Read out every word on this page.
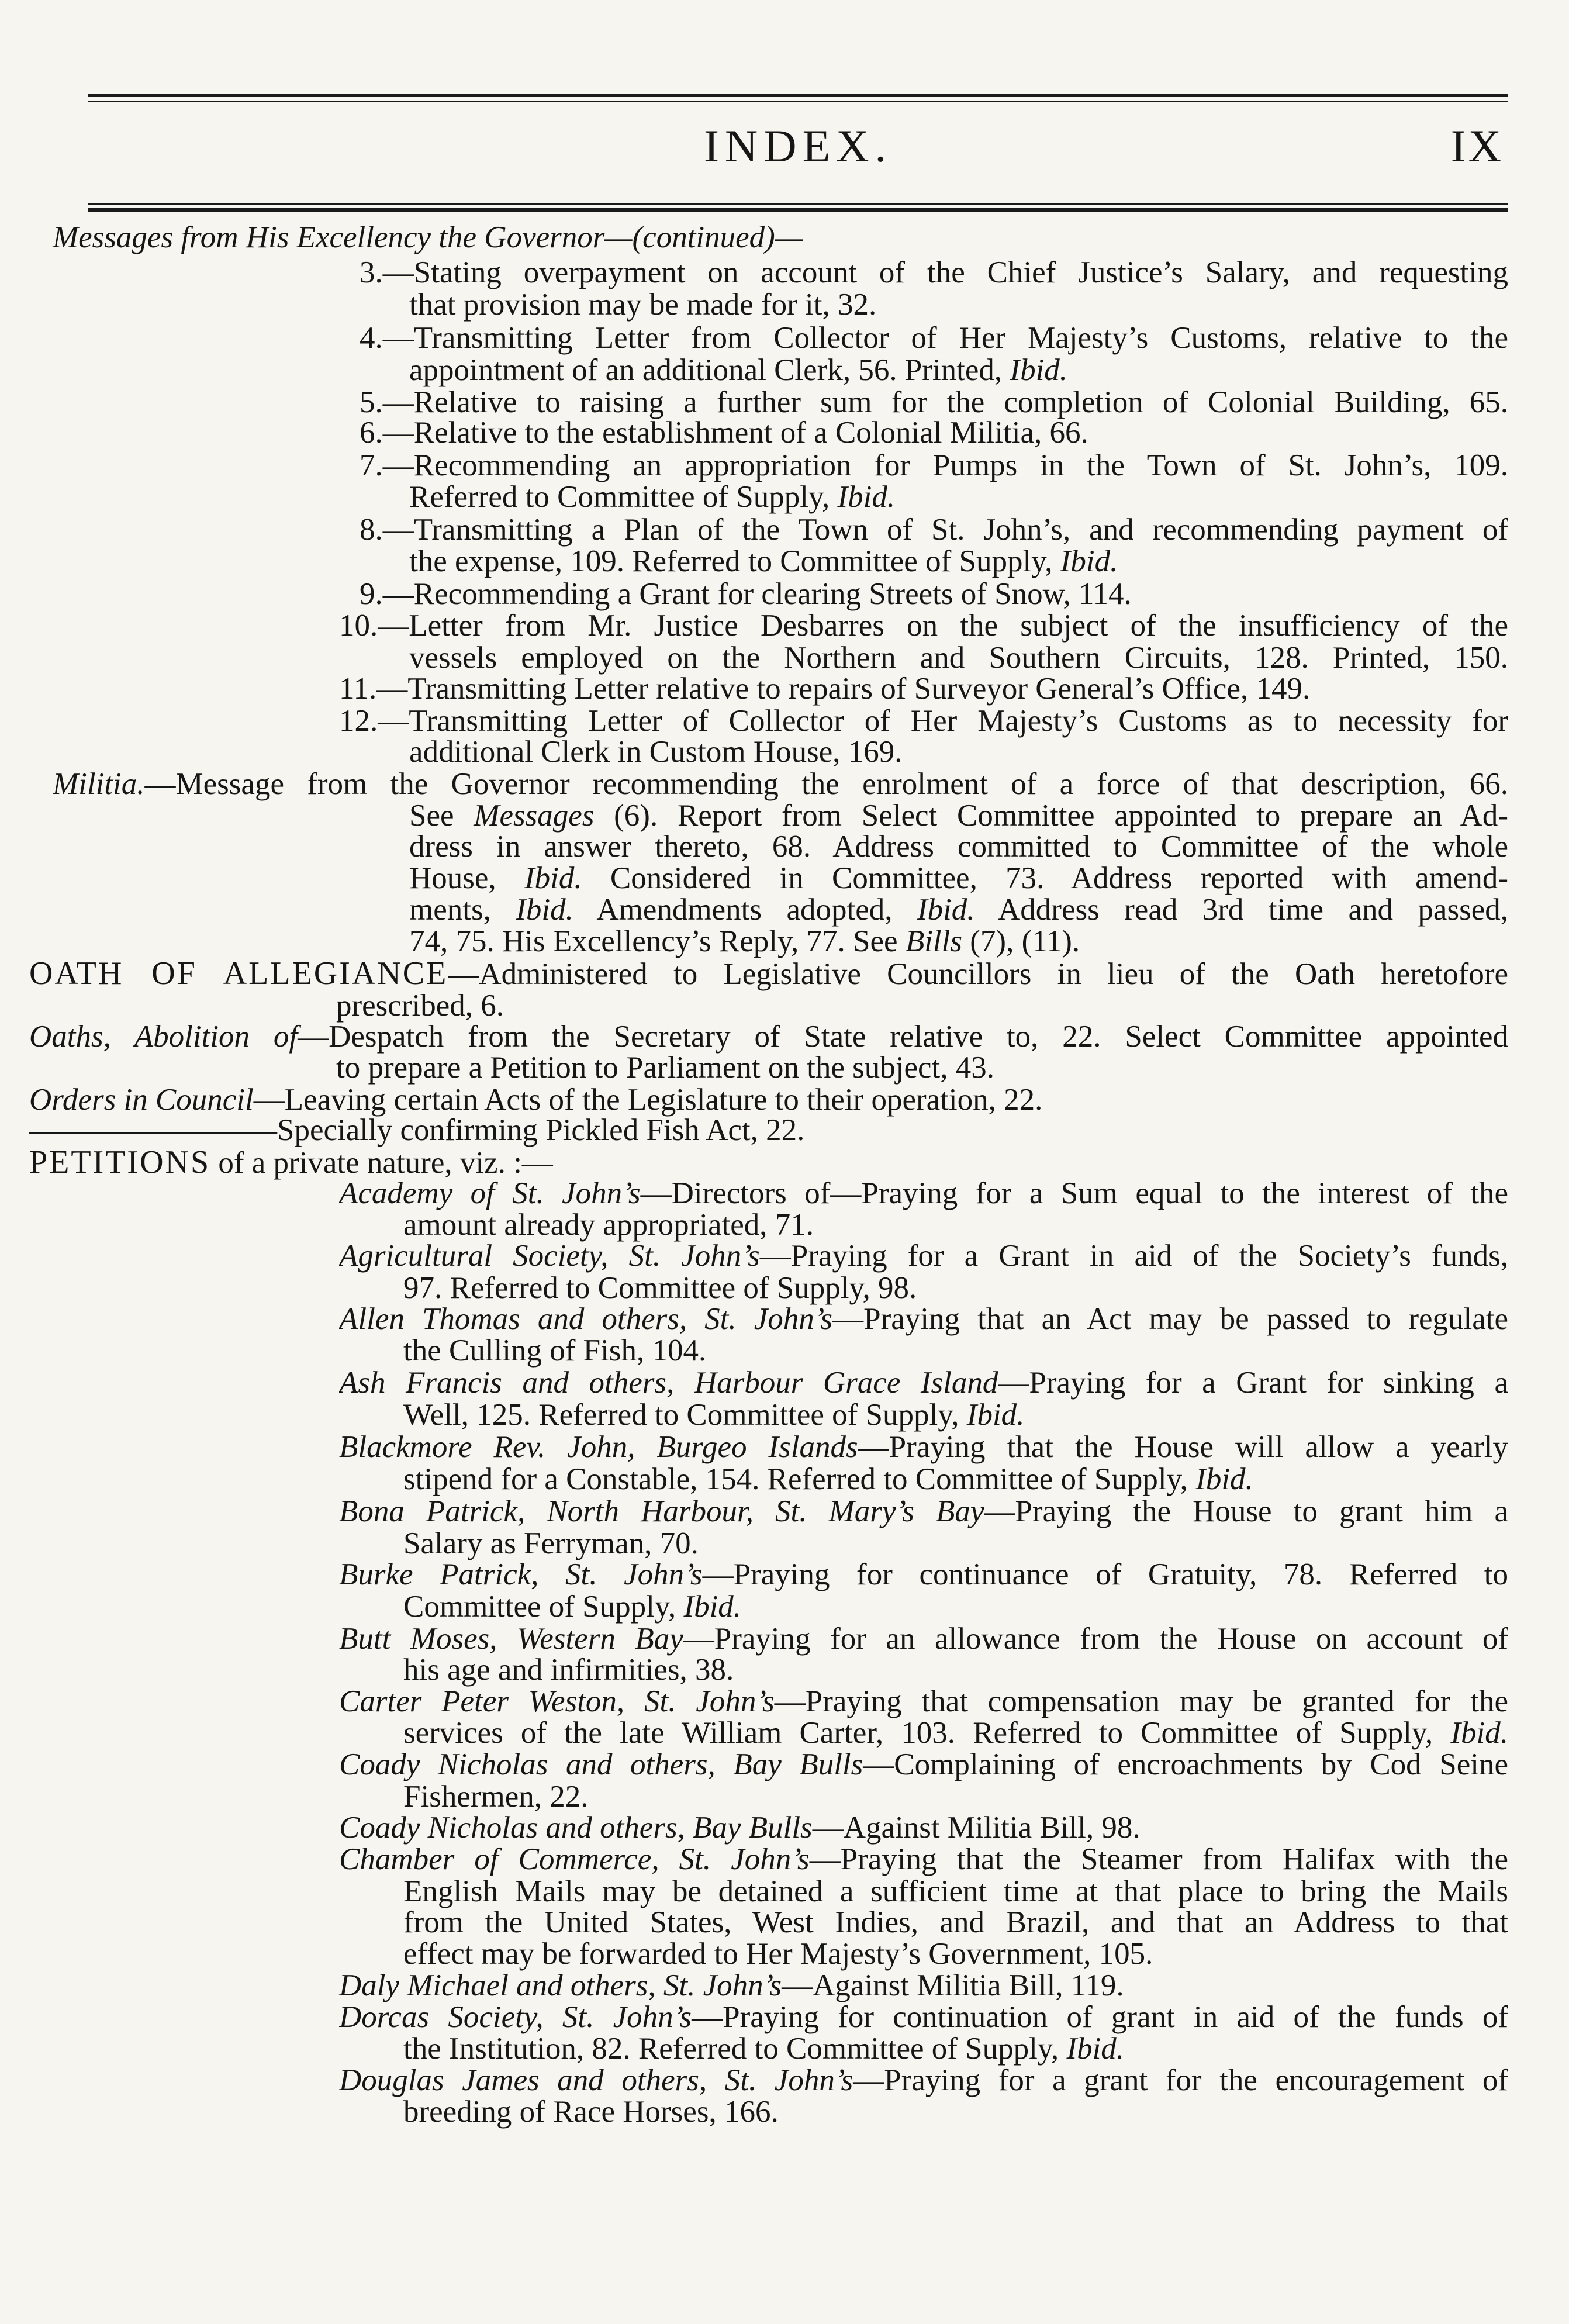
INDEX.	IX
Messages from His Excellency the Governor—(continued)—
3.—Stating overpayment on account of the Chief Justice’s Salary, and requesting
that provision may be made for it, 32.
4.—Transmitting Letter from Collector of Her Majesty’s Customs, relative to the
appointment of an additional Clerk, 56. Printed, Ibid.
5.—Relative to raising a further sum for the completion of Colonial Building, 65.
6.—Relative to the establishment of a Colonial Militia, 66.
7.—Recommending an appropriation for Pumps in the Town of St. John’s, 109.
Referred to Committee of Supply, Ibid.
8.—Transmitting a Plan of the Town of St. John’s, and recommending payment of
the expense, 109. Referred to Committee of Supply, Ibid.
9.—Recommending a Grant for clearing Streets of Snow, 114.
10.—Letter from Mr. Justice Desbarres on the subject of the insufficiency of the
vessels employed on the Northern and Southern Circuits, 128. Printed, 150.
11.—Transmitting Letter relative to repairs of Surveyor General’s Office, 149.
12.—Transmitting Letter of Collector of Her Majesty’s Customs as to necessity for
additional Clerk in Custom House, 169.
Militia.—Message from the Governor recommending the enrolment of a force of that description, 66.
See Messages (6). Report from Select Committee appointed to prepare an Ad-
dress in answer thereto, 68. Address committed to Committee of the whole
House, Ibid. Considered in Committee, 73. Address reported with amend-
ments, Ibid. Amendments adopted, Ibid. Address read 3rd time and passed,
74, 75. His Excellency’s Reply, 77. See Bills (7), (11).
OATH OF ALLEGIANCE—Administered to Legislative Councillors in lieu of the Oath heretofore
prescribed, 6.
Oaths, Abolition of—Despatch from the Secretary of State relative to, 22. Select Committee appointed
to prepare a Petition to Parliament on the subject, 43.
Orders in Council—Leaving certain Acts of the Legislature to their operation, 22.
————————Specially confirming Pickled Fish Act, 22.
PETITIONS of a private nature, viz. :—
Academy of St. John’s—Directors of—Praying for a Sum equal to the interest of the
amount already appropriated, 71.
Agricultural Society, St. John’s—Praying for a Grant in aid of the Society’s funds,
97. Referred to Committee of Supply, 98.
Allen Thomas and others, St. John’s—Praying that an Act may be passed to regulate
the Culling of Fish, 104.
Ash Francis and others, Harbour Grace Island—Praying for a Grant for sinking a
Well, 125. Referred to Committee of Supply, Ibid.
Blackmore Rev. John, Burgeo Islands—Praying that the House will allow a yearly
stipend for a Constable, 154. Referred to Committee of Supply, Ibid.
Bona Patrick, North Harbour, St. Mary’s Bay—Praying the House to grant him a
Salary as Ferryman, 70.
Burke Patrick, St. John’s—Praying for continuance of Gratuity, 78. Referred to
Committee of Supply, Ibid.
Butt Moses, Western Bay—Praying for an allowance from the House on account of
his age and infirmities, 38.
Carter Peter Weston, St. John’s—Praying that compensation may be granted for the
services of the late William Carter, 103. Referred to Committee of Supply, Ibid.
Coady Nicholas and others, Bay Bulls—Complaining of encroachments by Cod Seine
Fishermen, 22.
Coady Nicholas and others, Bay Bulls—Against Militia Bill, 98.
Chamber of Commerce, St. John’s—Praying that the Steamer from Halifax with the
English Mails may be detained a sufficient time at that place to bring the Mails
from the United States, West Indies, and Brazil, and that an Address to that
effect may be forwarded to Her Majesty’s Government, 105.
Daly Michael and others, St. John’s—Against Militia Bill, 119.
Dorcas Society, St. John’s—Praying for continuation of grant in aid of the funds of
the Institution, 82. Referred to Committee of Supply, Ibid.
Douglas James and others, St. John’s—Praying for a grant for the encouragement of
breeding of Race Horses, 166.
